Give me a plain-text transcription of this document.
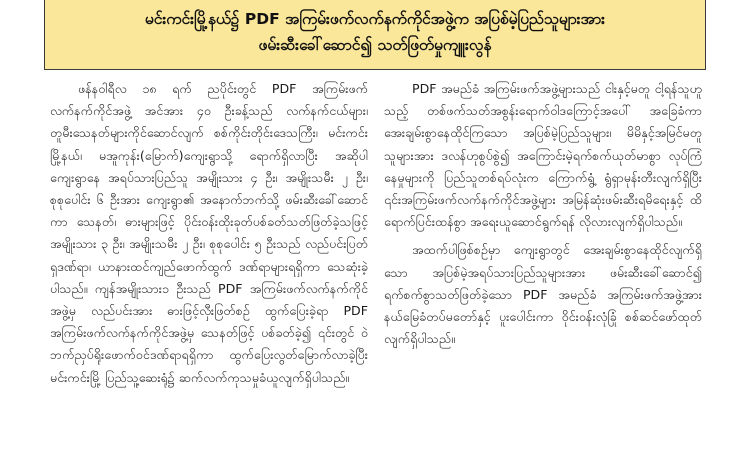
မင်းကင်းမြို့နယ်၌ PDF အကြမ်းဖက်လက်နက်ကိုင်အဖွဲ့က အပြစ်မဲ့ပြည်သူများအား
ဖမ်းဆီးခေါ်ဆောင်၍ သတ်ဖြတ်မှုကျူးလွန်

ဖန်နဝါရီလ ၁၈ ရက် ညပိုင်းတွင် PDF အကြမ်းဖက် လက်နက်ကိုင်အဖွဲ့ အင်အား ၄၀ ဦးခန့်သည် လက်နက်ငယ်များ၊ တူမီးသေနတ်များကိုင်ဆောင်လျက် စစ်ကိုင်းတိုင်းဒေသကြီး၊ မင်းကင်းမြို့နယ်၊ မအူကုန်း(မြောက်)ကျေးရွာသို့ ရောက်ရှိလာပြီး အဆိုပါ ကျေးရွာနေ အရပ်သားပြည်သူ အမျိုးသား ၄ ဦး၊ အမျိုးသမီး ၂ ဦး၊ စုစုပေါင်း ၆ ဦးအား ကျေးရွာ၏ အနောက်ဘက်သို့ ဖမ်းဆီးခေါ်ဆောင်ကာ သေနတ်၊ ဓားများဖြင့် ပိုင်းဝန်းထိုးခုတ်ပစ်ခတ်သတ်ဖြတ်ခဲ့သဖြင့် အမျိုးသား ၃ ဦး၊ အမျိုးသမီး ၂ ဦး၊ စုစုပေါင်း ၅ ဦးသည် လည်ပင်းပြတ်ရှဒဏ်ရာ၊ ယာနားထင်ကျည်ဖောက်ထွက် ဒဏ်ရာများရရှိကာ သေဆုံးခဲ့ပါသည်။ ကျန်အမျိုးသား၁ ဦးသည် PDF အကြမ်းဖက်လက်နက်ကိုင်အဖွဲ့မှ လည်ပင်းအား ဓားဖြင့်လှီးဖြတ်စဉ် ထွက်ပြေးခဲ့ရာ PDF အကြမ်းဖက်လက်နက်ကိုင်အဖွဲ့မှ သေနတ်ဖြင့် ပစ်ခတ်ခဲ့၍ ၎င်းတွင် ဝဲဘက်ညှပ်ရိုးဖောက်ဝင်ဒဏ်ရာရရှိကာ ထွက်ပြေးလွတ်မြောက်လာခဲ့ပြီး မင်းကင်းမြို့ ပြည်သူ့ဆေးရုံ၌ ဆက်လက်ကုသမှုခံယူလျက်ရှိပါသည်။

PDF အမည်ခံ အကြမ်းဖက်အဖွဲ့များသည် ငါးနှင့်မတူ ငါ့ရန်သူဟူသည့် တစ်ဖက်သတ်အစွန်းရောက်ဝါဒကြောင့်အပေါ် အခြေခံကာ အေးချမ်းစွာနေထိုင်ကြသော အပြစ်မဲ့ပြည်သူများ၊ မိမိနှင့်အမြင်မတူသူများအား ဒလန်ဟုစွပ်စွဲ၍ အကြောင်းမဲ့ရက်စက်ယုတ်မာစွာ လုပ်ကြံနေမှုများကို ပြည်သူတစ်ရပ်လုံးက ကြောက်ရွံ့ ရွံရှာမုန်းတီးလျက်ရှိပြီး ၎င်းအကြမ်းဖက်လက်နက်ကိုင်အဖွဲ့များ အမြန်ဆုံးဖမ်းဆီးရမိရေးနှင့် ထိရောက်ပြင်းထန်စွာ အရေးယူဆောင်ရွက်ရန် လိုလားလျက်ရှိပါသည်။

အထက်ပါဖြစ်စဉ်မှာ ကျေးရွာတွင် အေးချမ်းစွာနေထိုင်လျက်ရှိသော အပြစ်မဲ့အရပ်သားပြည်သူများအား ဖမ်းဆီးခေါ်ဆောင်၍ ရက်စက်စွာသတ်ဖြတ်ခဲ့သော PDF အမည်ခံ အကြမ်းဖက်အဖွဲ့အား နယ်မြေခံတပ်မတော်နှင့် ပူးပေါင်းကာ ဝိုင်းဝန်းလုံခြုံ စစ်ဆင်ဖော်ထုတ်လျက်ရှိပါသည်။
